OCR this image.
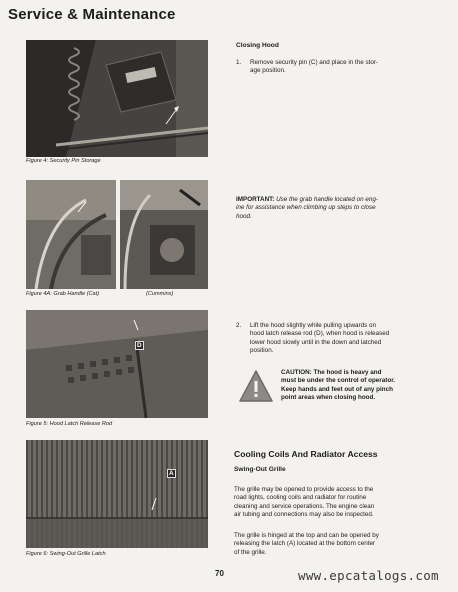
Service & Maintenance
Figure 4: Security Pin Storage
Figure 4A: Grab Handle (Cat)	(Cummins)
D
Figure 5: Hood Latch Release Rod
A
Figure 6: Swing-Out Grille Latch
Closing Hood
1. Remove security pin (C) and place in the stor-
age position.
IMPORTANT: Use the grab handle located on eng-
ine for assistance when climbing up steps to close
hood.
2. Lift the hood slightly while pulling upwards on
hood latch release rod (D), when hood is released
lower hood slowly until in the down and latched
position.
CAUTION: The hood is heavy and
must be under the control of operator.
Keep hands and feet out of any pinch
point areas when closing hood.
Cooling Coils And Radiator Access
Swing-Out Grille
The grille may be opened to provide access to the
road lights, cooling coils and radiator for routine
cleaning and service operations. The engine clean
air tubing and connections may also be inspected.
The grille is hinged at the top and can be opened by
releasing the latch (A) located at the bottom center
of the grille.
70	www.epcatalogs.com
